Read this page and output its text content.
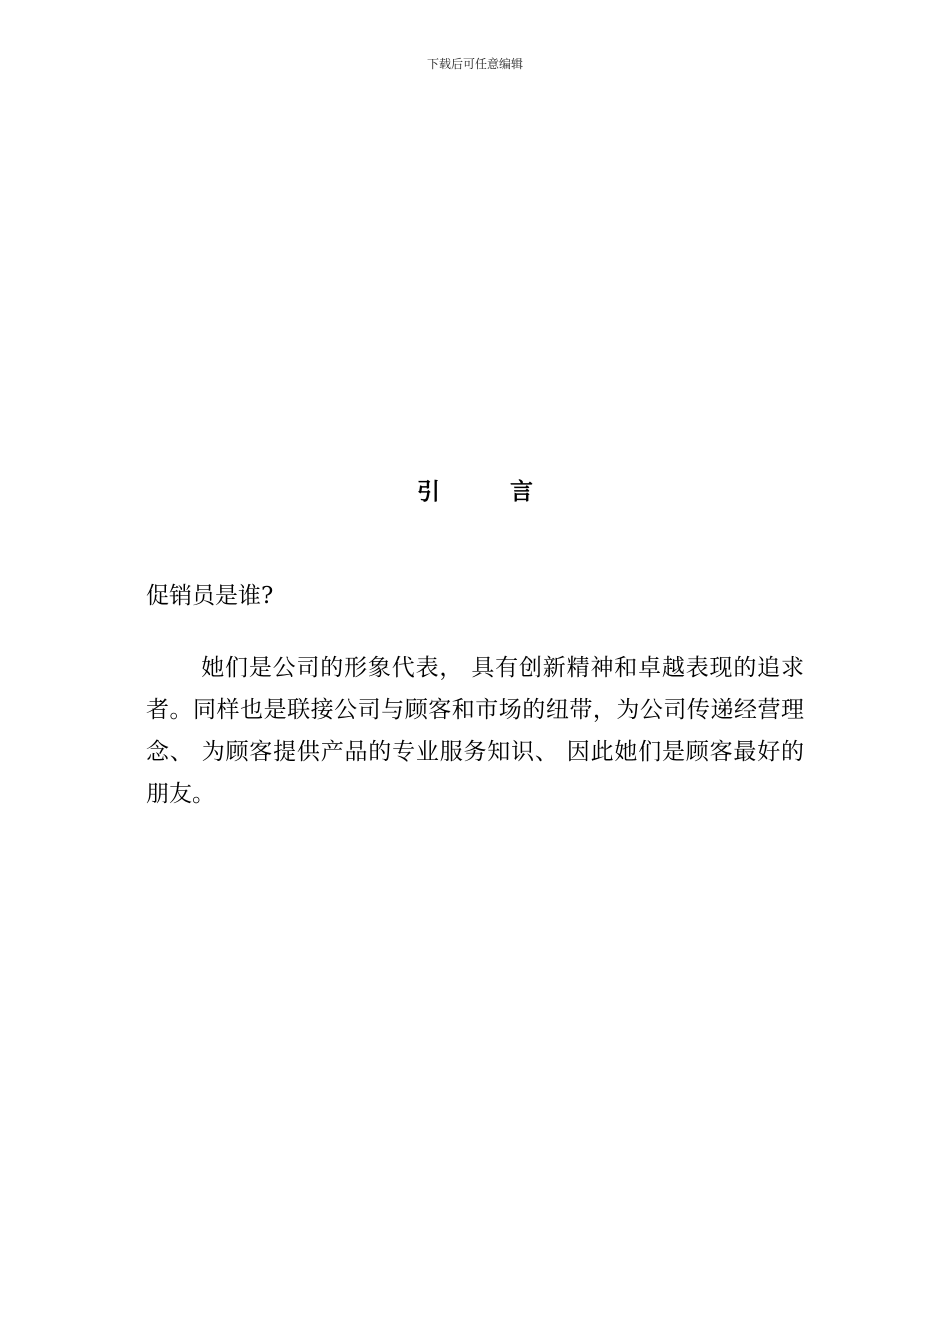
下载后可任意编辑
引	言
促销员是谁?

她们是公司的形象代表， 具有创新精神和卓越表现的追求者。同样也是联接公司与顾客和市场的纽带，为公司传递经营理念、 为顾客提供产品的专业服务知识、 因此她们是顾客最好的朋友。
